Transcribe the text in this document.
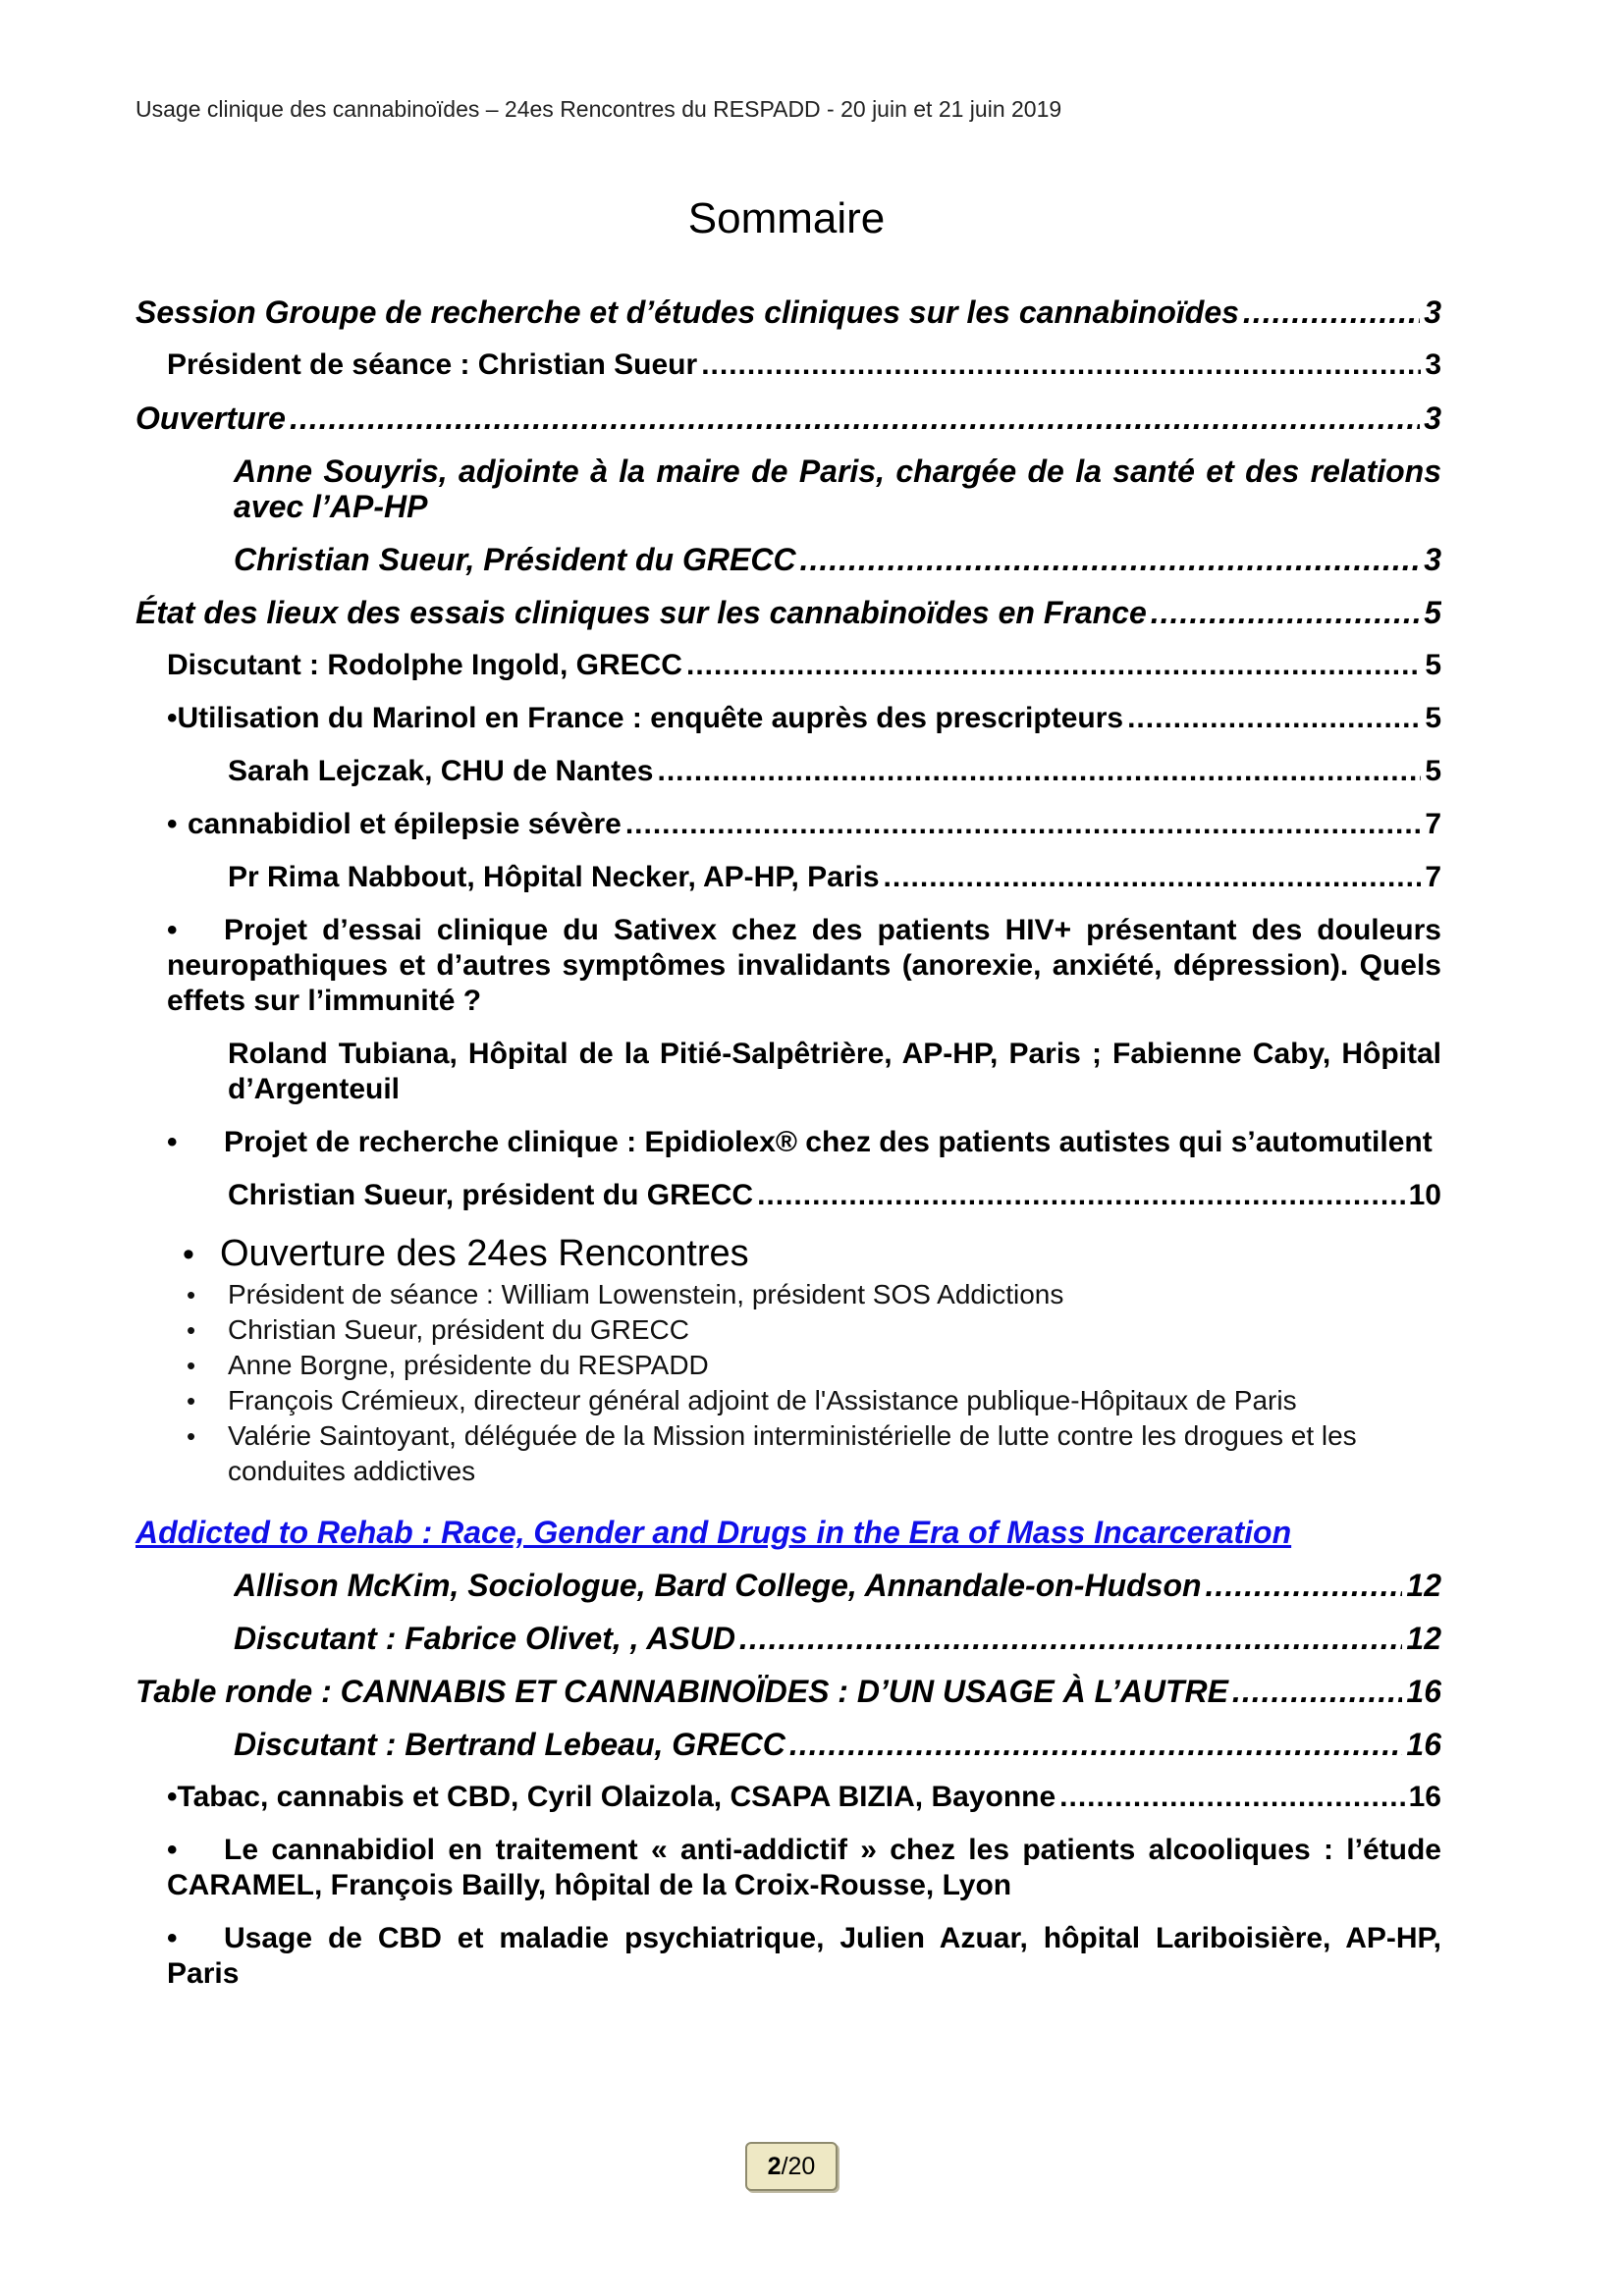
Usage clinique des cannabinoïdes – 24es Rencontres du RESPADD - 20 juin et 21 juin 2019
Sommaire
Session Groupe de recherche et d’études cliniques sur les cannabinoïdes .....	3
Président de séance : Christian Sueur .....	3
Ouverture .....	3
Anne Souyris, adjointe à la maire de Paris, chargée de la santé et des relations avec l’AP-HP
Christian Sueur, Président du GRECC .....	3
État des lieux des essais cliniques sur les cannabinoïdes en France .....	5
Discutant : Rodolphe Ingold, GRECC .....	5
• Utilisation du Marinol en France : enquête auprès des prescripteurs .....	5
Sarah Lejczak, CHU de Nantes .....	5
• cannabidiol et épilepsie sévère .....	7
Pr Rima Nabbout, Hôpital Necker, AP-HP, Paris .....	7
• Projet d’essai clinique du Sativex chez des patients HIV+ présentant des douleurs neuropathiques et d’autres symptômes invalidants (anorexie, anxiété, dépression). Quels effets sur l’immunité ?
Roland Tubiana, Hôpital de la Pitié-Salpêtrière, AP-HP, Paris ; Fabienne Caby, Hôpital d’Argenteuil
• Projet de recherche clinique : Epidiolex® chez des patients autistes qui s’automutilent
Christian Sueur, président du GRECC .....	10
• Ouverture des 24es Rencontres
•	Président de séance : William Lowenstein, président SOS Addictions
•	Christian Sueur, président du GRECC
•	Anne Borgne, présidente du RESPADD
•	François Crémieux, directeur général adjoint de l'Assistance publique-Hôpitaux de Paris
•	Valérie Saintoyant, déléguée de la Mission interministérielle de lutte contre les drogues et les conduites addictives
Addicted to Rehab : Race, Gender and Drugs in the Era of Mass Incarceration
Allison McKim, Sociologue, Bard College, Annandale-on-Hudson .....	12
Discutant : Fabrice Olivet, , ASUD .....	12
Table ronde : CANNABIS ET CANNABINOÏDES : D’UN USAGE À L’AUTRE .....	16
Discutant : Bertrand Lebeau, GRECC .....	16
• Tabac, cannabis et CBD, Cyril Olaizola, CSAPA BIZIA, Bayonne .....	16
• Le cannabidiol en traitement « anti-addictif » chez les patients alcooliques : l’étude CARAMEL, François Bailly, hôpital de la Croix-Rousse, Lyon
• Usage de CBD et maladie psychiatrique, Julien Azuar, hôpital Lariboisière, AP-HP, Paris
2/20
